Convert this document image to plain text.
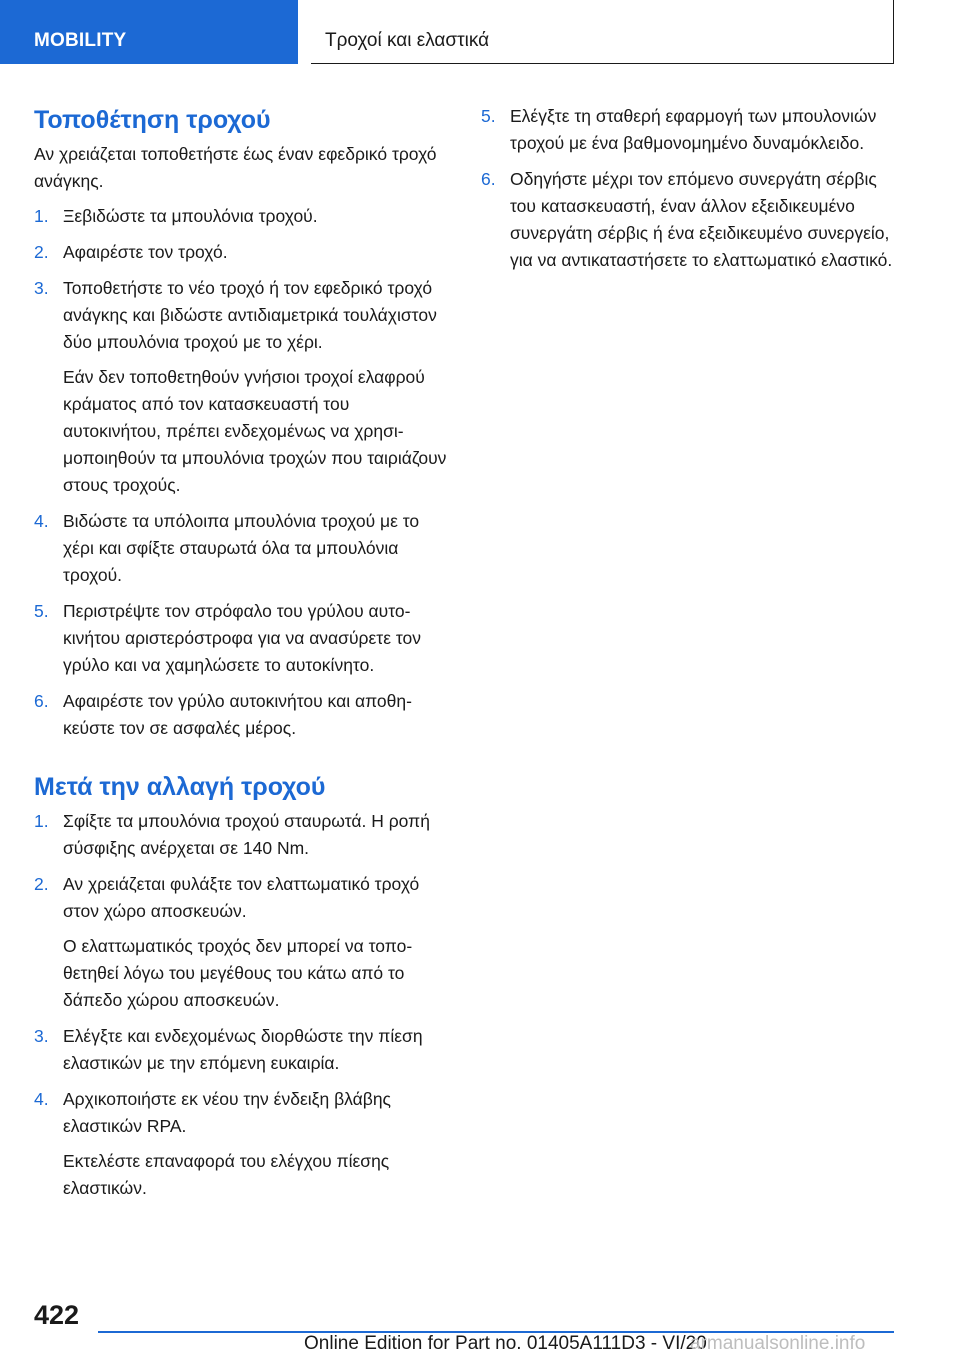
MOBILITY	Τροχοί και ελαστικά
Τοποθέτηση τροχού

Αν χρειάζεται τοποθετήστε έως έναν εφεδρικό τροχό ανάγκης.

1. Ξεβιδώστε τα μπουλόνια τροχού.
2. Αφαιρέστε τον τροχό.
3. Τοποθετήστε το νέο τροχό ή τον εφεδρικό τροχό ανάγκης και βιδώστε αντιδιαμετρικά τουλάχιστον δύο μπουλόνια τροχού με το χέρι.
Εάν δεν τοποθετηθούν γνήσιοι τροχοί ελαφρού κράματος από τον κατασκευαστή του αυτοκινήτου, πρέπει ενδεχομένως να χρησιμοποιηθούν τα μπουλόνια τροχών που ταιριάζουν στους τροχούς.
4. Βιδώστε τα υπόλοιπα μπουλόνια τροχού με το χέρι και σφίξτε σταυρωτά όλα τα μπουλόνια τροχού.
5. Περιστρέψτε τον στρόφαλο του γρύλου αυτοκινήτου αριστερόστροφα για να ανασύρετε τον γρύλο και να χαμηλώσετε το αυτοκίνητο.
6. Αφαιρέστε τον γρύλο αυτοκινήτου και αποθηκεύστε τον σε ασφαλές μέρος.
Μετά την αλλαγή τροχού
1. Σφίξτε τα μπουλόνια τροχού σταυρωτά. Η ροπή σύσφιξης ανέρχεται σε 140 Nm.
2. Αν χρειάζεται φυλάξτε τον ελαττωματικό τροχό στον χώρο αποσκευών.
Ο ελαττωματικός τροχός δεν μπορεί να τοποθετηθεί λόγω του μεγέθους του κάτω από το δάπεδο χώρου αποσκευών.
3. Ελέγξτε και ενδεχομένως διορθώστε την πίεση ελαστικών με την επόμενη ευκαιρία.
4. Αρχικοποιήστε εκ νέου την ένδειξη βλάβης ελαστικών RPA.
Εκτελέστε επαναφορά του ελέγχου πίεσης ελαστικών.
5. Ελέγξτε τη σταθερή εφαρμογή των μπουλονιών τροχού με ένα βαθμονομημένο δυναμόκλειδο.
6. Οδηγήστε μέχρι τον επόμενο συνεργάτη σέρβις του κατασκευαστή, έναν άλλον εξειδικευμένο συνεργάτη σέρβις ή ένα εξειδικευμένο συνεργείο, για να αντικαταστήσετε το ελαττωματικό ελαστικό.
422
Online Edition for Part no. 01405A111D3 - VI/20
armanualsonline.info
